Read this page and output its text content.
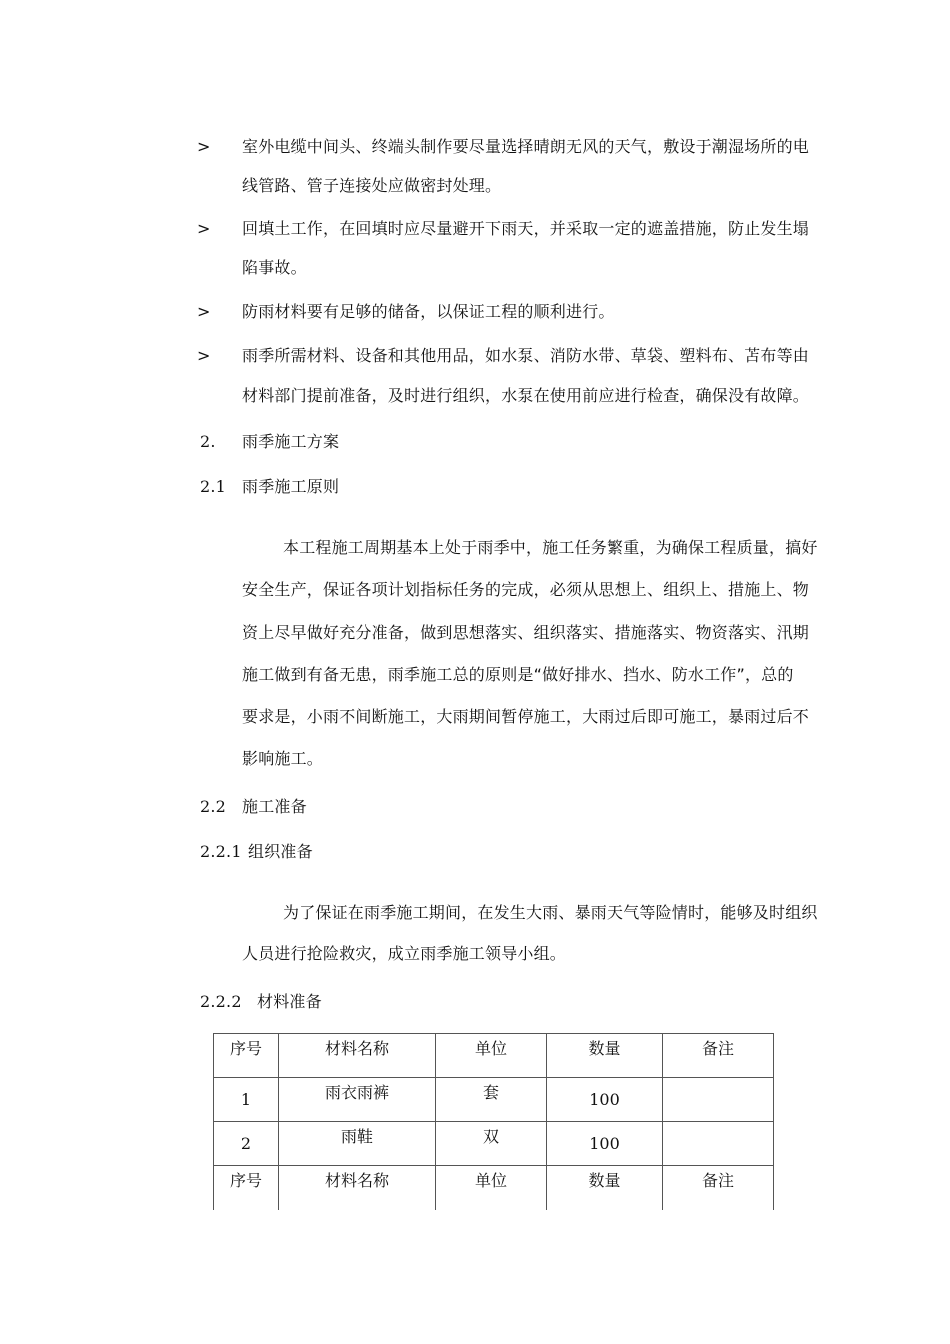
> 室外电缆中间头、终端头制作要尽量选择晴朗无风的天气，敷设于潮湿场所的电
线管路、管子连接处应做密封处理。
> 回填土工作，在回填时应尽量避开下雨天，并采取一定的遮盖措施，防止发生塌
陷事故。
> 防雨材料要有足够的储备，以保证工程的顺利进行。
> 雨季所需材料、设备和其他用品，如水泵、消防水带、草袋、塑料布、苫布等由
材料部门提前准备，及时进行组织，水泵在使用前应进行检查，确保没有故障。
2. 雨季施工方案
2.1 雨季施工原则
本工程施工周期基本上处于雨季中，施工任务繁重，为确保工程质量，搞好
安全生产，保证各项计划指标任务的完成，必须从思想上、组织上、措施上、物
资上尽早做好充分准备，做到思想落实、组织落实、措施落实、物资落实、汛期
施工做到有备无患，雨季施工总的原则是“做好排水、挡水、防水工作”，总的
要求是，小雨不间断施工，大雨期间暂停施工，大雨过后即可施工，暴雨过后不
影响施工。
2.2 施工准备
2.2.1 组织准备
为了保证在雨季施工期间，在发生大雨、暴雨天气等险情时，能够及时组织
人员进行抢险救灾，成立雨季施工领导小组。
2.2.2 材料准备
序号	材料名称	单位	数量	备注

1	雨衣雨裤	套	100	

2	雨鞋	双	100	

序号	材料名称	单位	数量	备注
